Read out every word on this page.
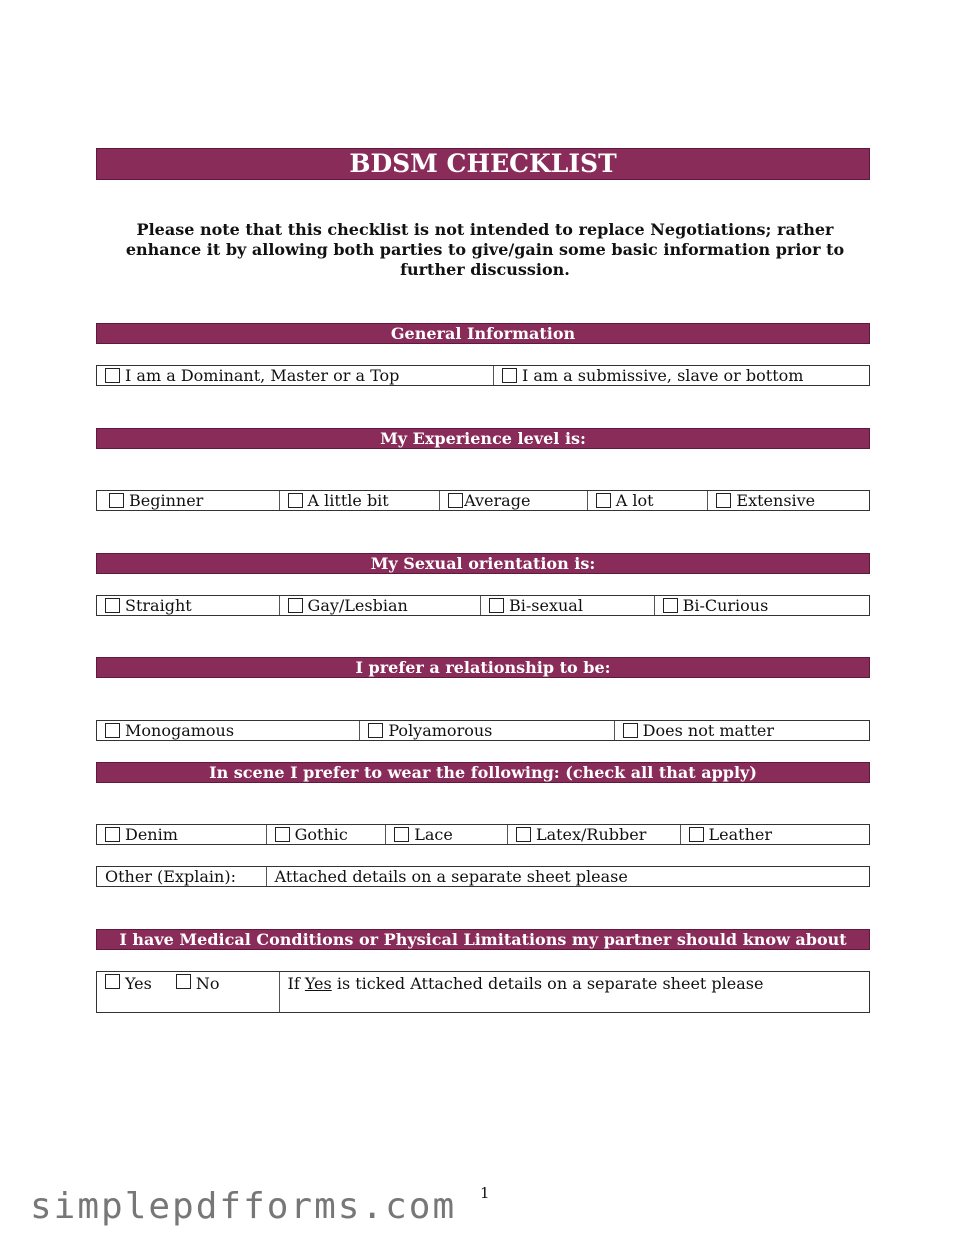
BDSM CHECKLIST
Please note that this checklist is not intended to replace Negotiations; rather enhance it by allowing both parties to give/gain some basic information prior to further discussion.
General Information
I am a Dominant, Master or a Top	I am a submissive, slave or bottom
My Experience level is:
Beginner	A little bit	Average	A lot	Extensive
My Sexual orientation is:
Straight	Gay/Lesbian	Bi-sexual	Bi-Curious
I prefer a relationship to be:
Monogamous	Polyamorous	Does not matter
In scene I prefer to wear the following: (check all that apply)
Denim	Gothic	Lace	Latex/Rubber	Leather
Other (Explain):	Attached details on a separate sheet please
I have Medical Conditions or Physical Limitations my partner should know about
Yes	No	If Yes is ticked Attached details on a separate sheet please
1
simplepdfforms.com
